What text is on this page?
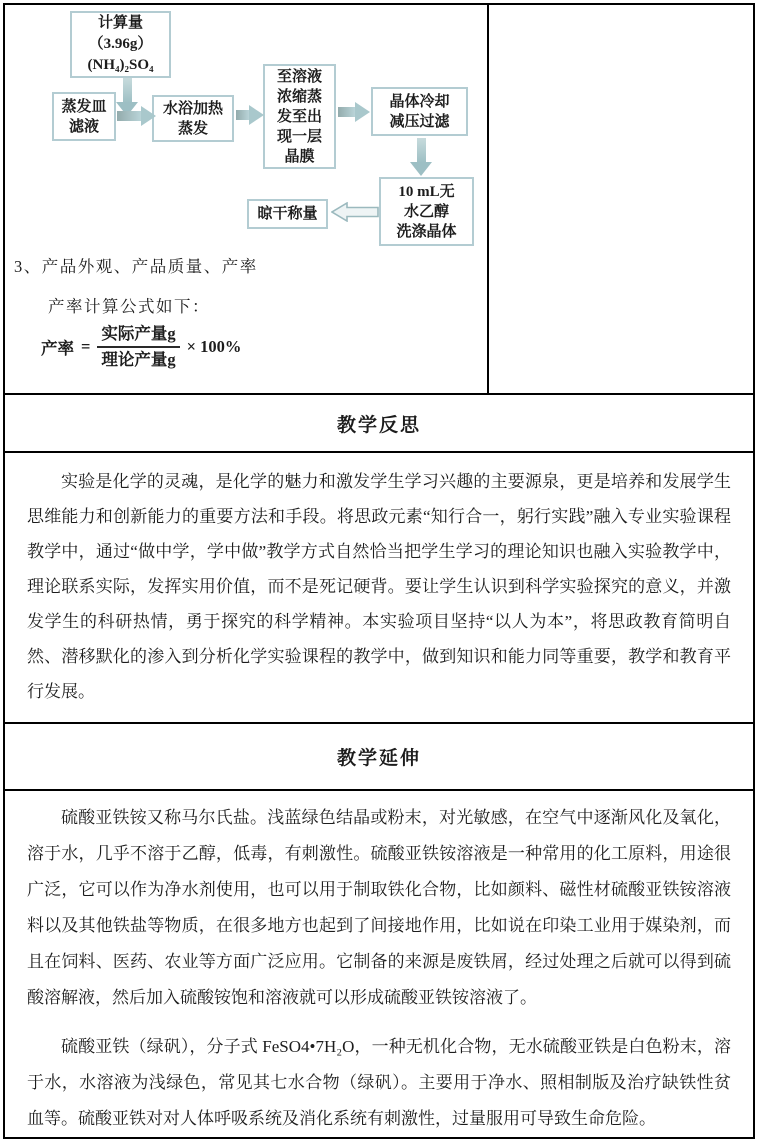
计算量
（3.96g）
(NH₄)₂SO₄
蒸发皿
滤液
水浴加热
蒸发
至溶液
浓缩蒸
发至出
现一层
晶膜
晶体冷却
减压过滤
10 mL无
水乙醇
洗涤晶体
晾干称量
3、产品外观、产品质量、产率
产率计算公式如下：
产率 = $\frac{\text{实际产量g}}{\text{理论产量g}} \times 100\%$
教学反思

实验是化学的灵魂，是化学的魅力和激发学生学习兴趣的主要源泉，更是培养和发展学生思维能力和创新能力的重要方法和手段。将思政元素“知行合一，躬行实践”融入专业实验课程教学中，通过“做中学，学中做”教学方式自然恰当把学生学习的理论知识也融入实验教学中，理论联系实际，发挥实用价值，而不是死记硬背。要让学生认识到科学实验探究的意义，并激发学生的科研热情，勇于探究的科学精神。本实验项目坚持“以人为本”，将思政教育简明自然、潜移默化的渗入到分析化学实验课程的教学中，做到知识和能力同等重要，教学和教育平行发展。

教学延伸

硫酸亚铁铵又称马尔氏盐。浅蓝绿色结晶或粉末，对光敏感，在空气中逐渐风化及氧化，溶于水，几乎不溶于乙醇，低毒，有刺激性。硫酸亚铁铵溶液是一种常用的化工原料，用途很广泛，它可以作为净水剂使用，也可以用于制取铁化合物，比如颜料、磁性材硫酸亚铁铵溶液料以及其他铁盐等物质，在很多地方也起到了间接地作用，比如说在印染工业用于媒染剂，而且在饲料、医药、农业等方面广泛应用。它制备的来源是废铁屑，经过处理之后就可以得到硫酸溶解液，然后加入硫酸铵饱和溶液就可以形成硫酸亚铁铵溶液了。

硫酸亚铁（绿矾），分子式 FeSO4•7H₂O，一种无机化合物，无水硫酸亚铁是白色粉末，溶于水，水溶液为浅绿色，常见其七水合物（绿矾）。主要用于净水、照相制版及治疗缺铁性贫血等。硫酸亚铁对对人体呼吸系统及消化系统有刺激性，过量服用可导致生命危险。
